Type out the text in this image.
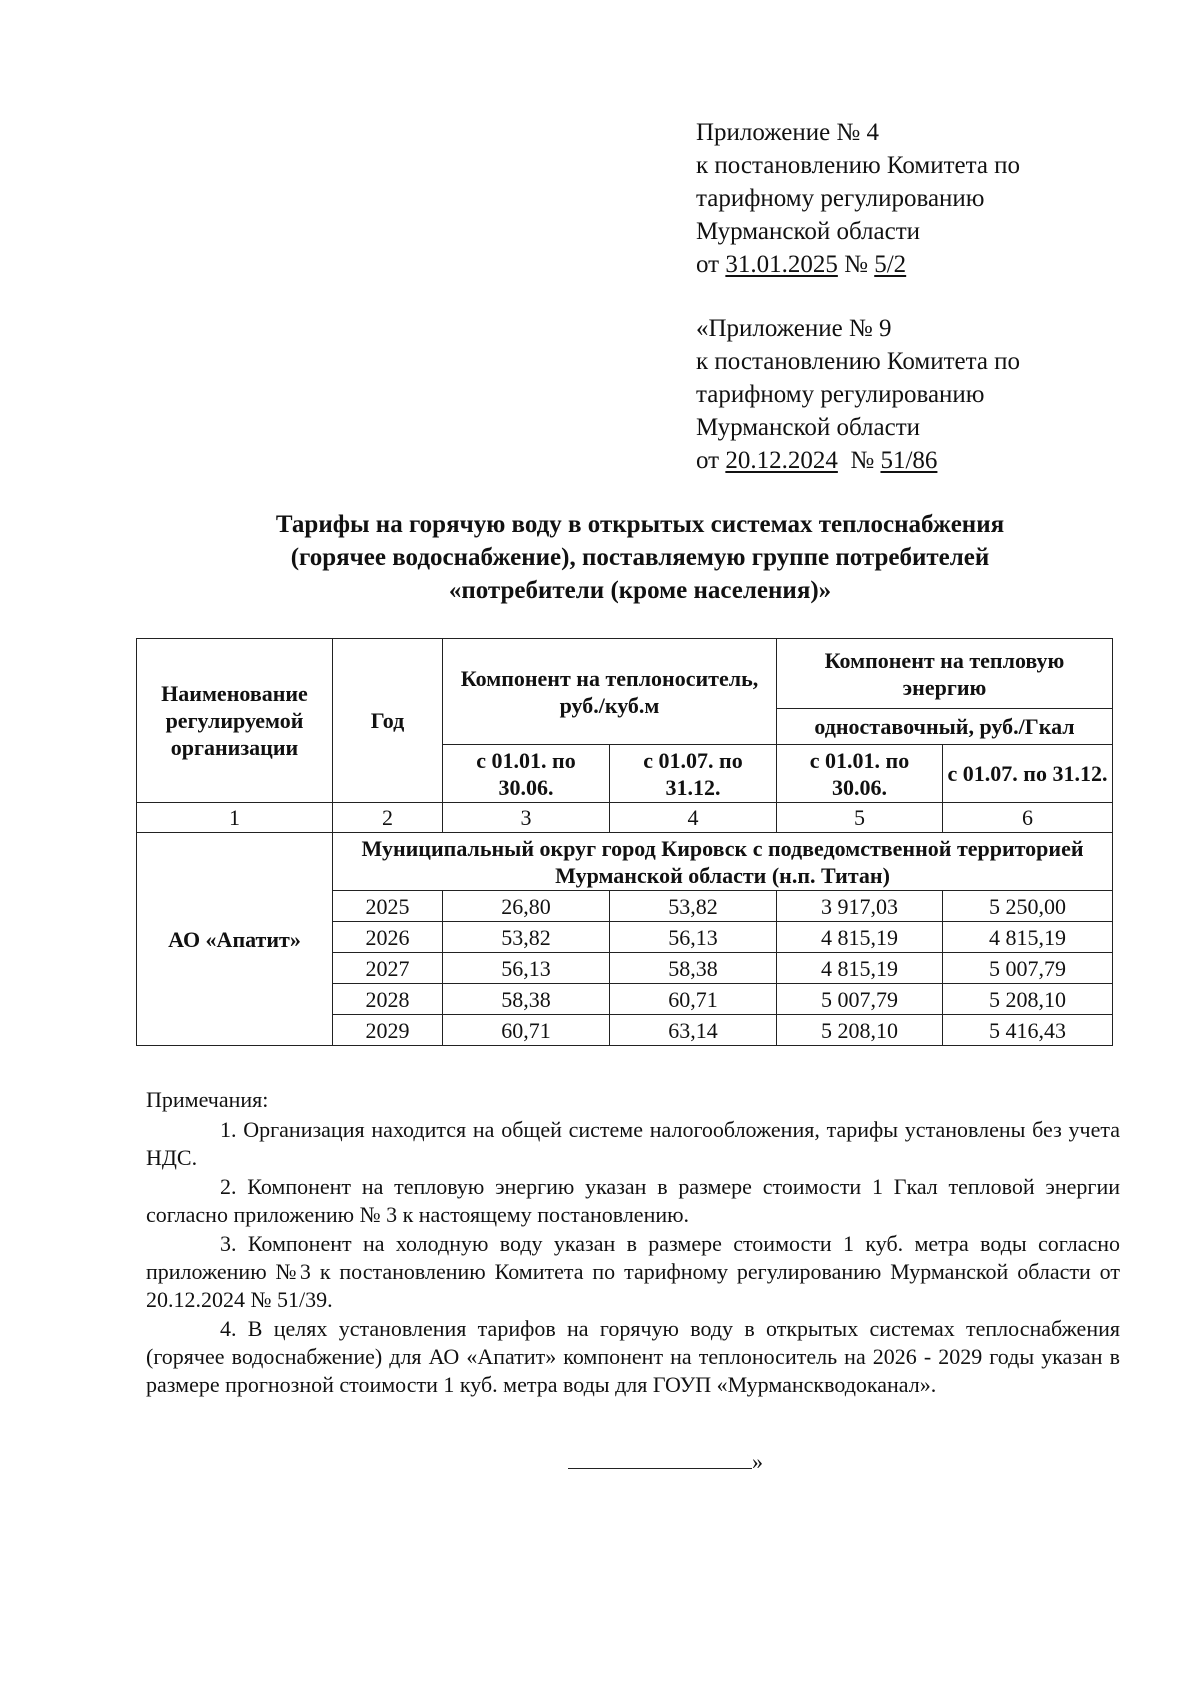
Приложение № 4
к постановлению Комитета по
тарифному регулированию
Мурманской области
от 31.01.2025 № 5/2
«Приложение № 9
к постановлению Комитета по
тарифному регулированию
Мурманской области
от 20.12.2024  № 51/86
Тарифы на горячую воду в открытых системах теплоснабжения
(горячее водоснабжение), поставляемую группе потребителей
«потребители (кроме населения)»
Наименование регулируемой организации	Год	Компонент на теплоноситель, руб./куб.м		Компонент на тепловую энергию	
				одноставочный, руб./Гкал	
		с 01.01. по 30.06.	с 01.07. по 31.12.	с 01.01. по 30.06.	с 01.07. по 31.12.
1	2	3	4	5	6
АО «Апатит»	Муниципальный округ город Кировск с подведомственной территорией Мурманской области (н.п. Титан)				
	2025	26,80	53,82	3 917,03	5 250,00
	2026	53,82	56,13	4 815,19	4 815,19
	2027	56,13	58,38	4 815,19	5 007,79
	2028	58,38	60,71	5 007,79	5 208,10
	2029	60,71	63,14	5 208,10	5 416,43
Примечания:

1. Организация находится на общей системе налогообложения, тарифы установлены без учета НДС.

2. Компонент на тепловую энергию указан в размере стоимости 1 Гкал тепловой энергии согласно приложению № 3 к настоящему постановлению.

3. Компонент на холодную воду указан в размере стоимости 1 куб. метра воды согласно приложению №3 к постановлению Комитета по тарифному регулированию Мурманской области от 20.12.2024 № 51/39.

4. В целях установления тарифов на горячую воду в открытых системах теплоснабжения (горячее водоснабжение) для АО «Апатит» компонент на теплоноситель на 2026 - 2029 годы указан в размере прогнозной стоимости 1 куб. метра воды для ГОУП «Мурманскводоканал».

»
